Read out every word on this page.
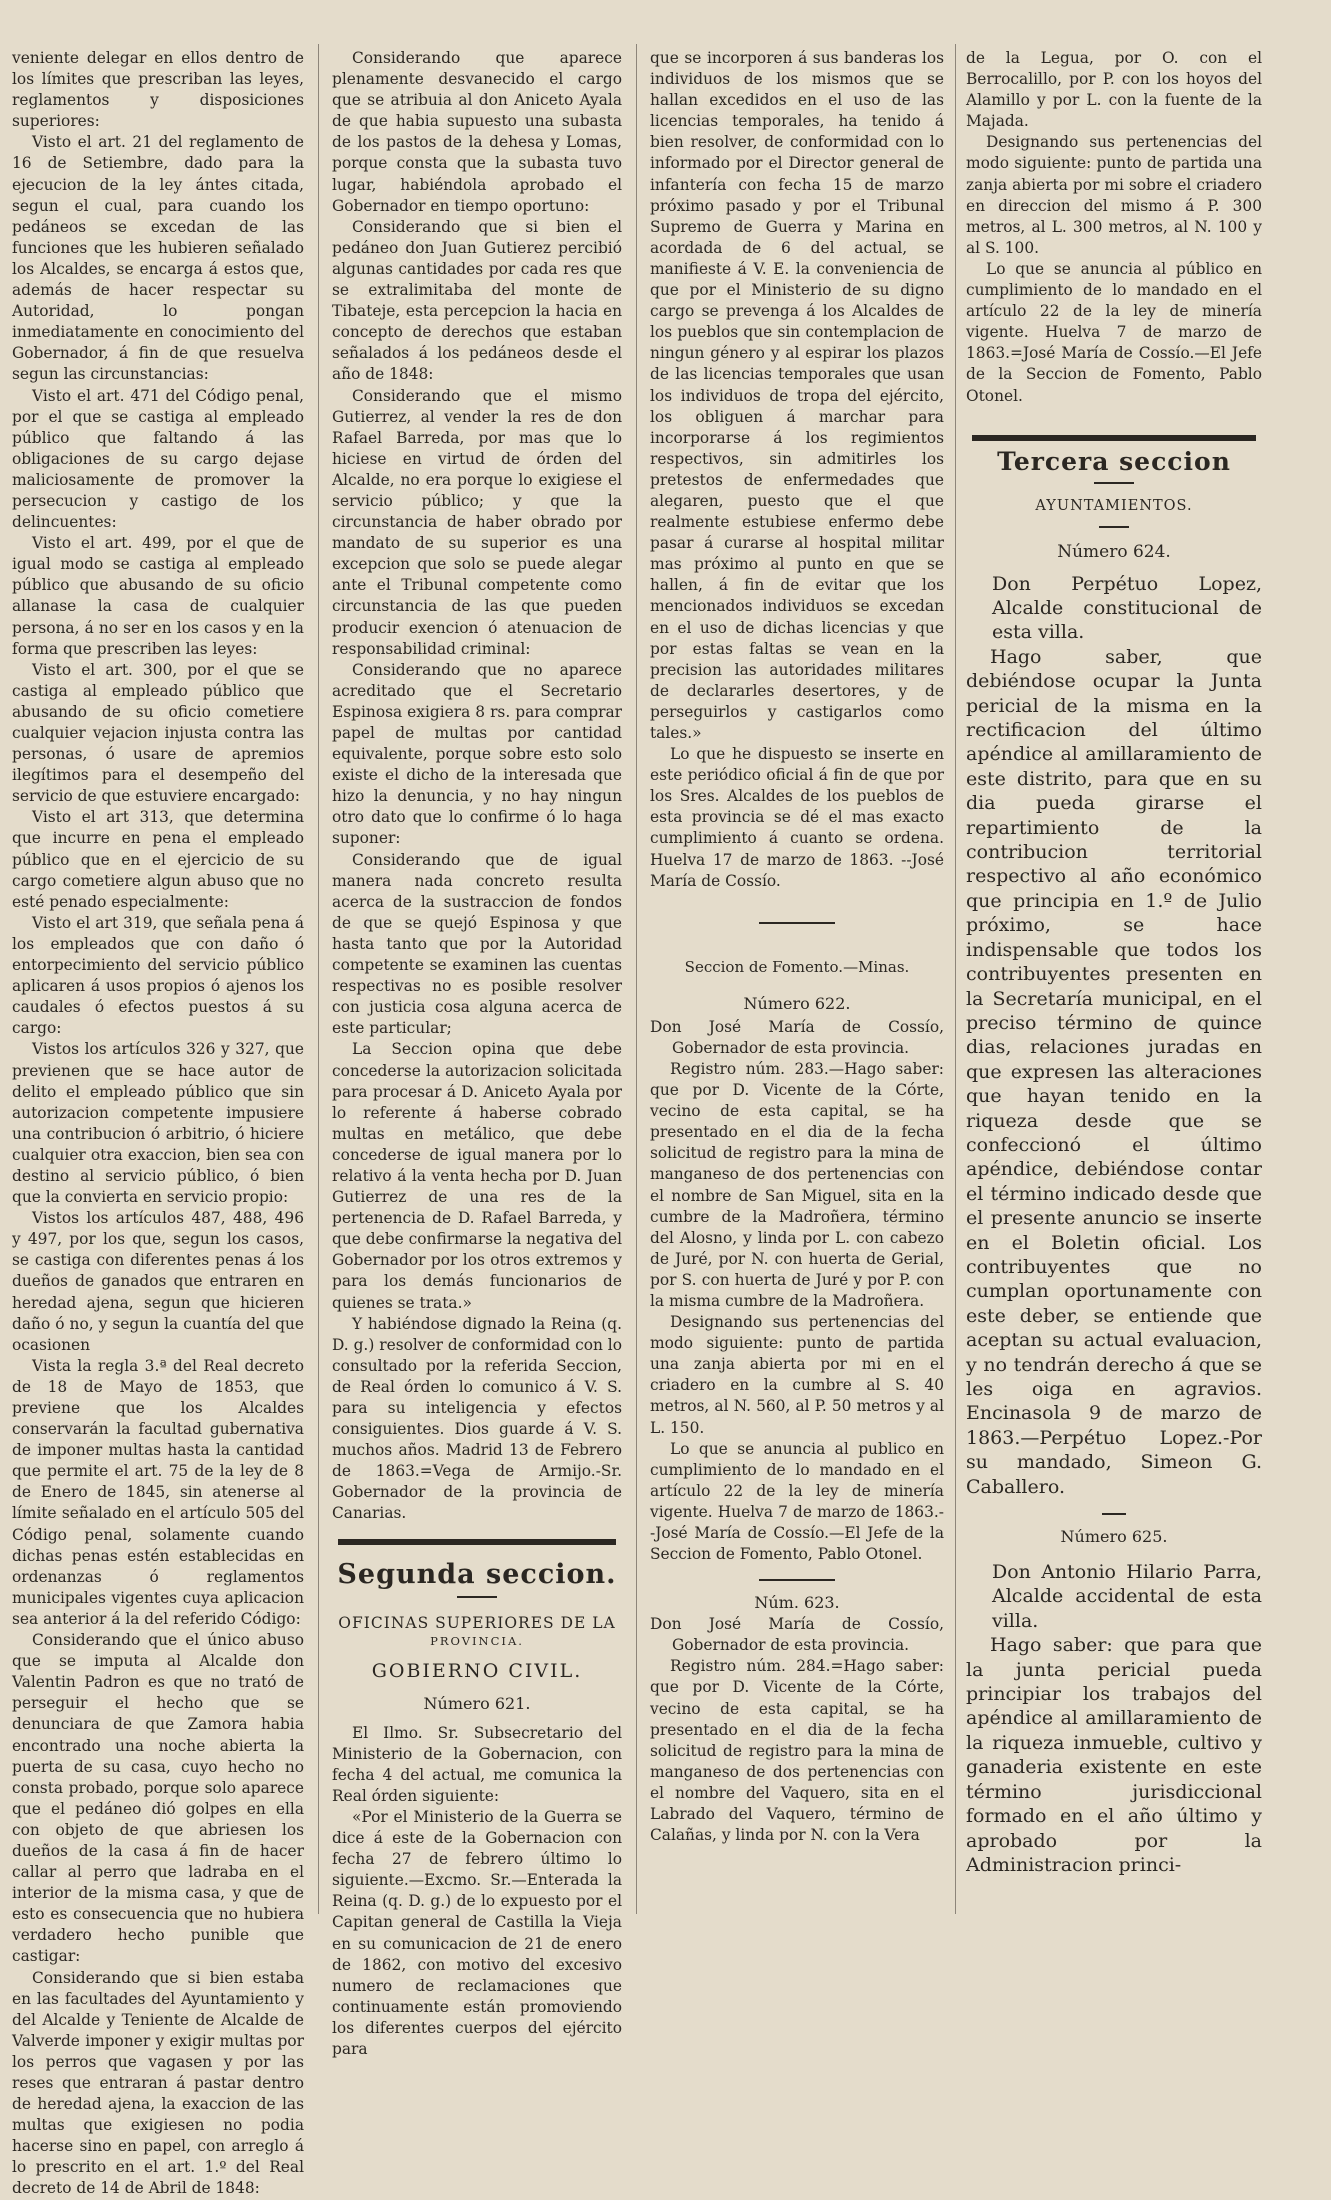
veniente delegar en ellos dentro de los límites que prescriban las leyes, reglamentos y disposiciones superiores:

Visto el art. 21 del reglamento de 16 de Setiembre, dado para la ejecucion de la ley ántes citada, segun el cual, para cuando los pedáneos se excedan de las funciones que les hubieren señalado los Alcaldes, se encarga á estos que, además de hacer respectar su Autoridad, lo pongan inmediatamente en conocimiento del Gobernador, á fin de que resuelva segun las circunstancias:

Visto el art. 471 del Código penal, por el que se castiga al empleado público que faltando á las obligaciones de su cargo dejase maliciosamente de promover la persecucion y castigo de los delincuentes:

Visto el art. 499, por el que de igual modo se castiga al empleado público que abusando de su oficio allanase la casa de cualquier persona, á no ser en los casos y en la forma que prescriben las leyes:

Visto el art. 300, por el que se castiga al empleado público que abusando de su oficio cometiere cualquier vejacion injusta contra las personas, ó usare de apremios ilegítimos para el desempeño del servicio de que estuviere encargado:

Visto el art 313, que determina que incurre en pena el empleado público que en el ejercicio de su cargo cometiere algun abuso que no esté penado especialmente:

Visto el art 319, que señala pena á los empleados que con daño ó entorpecimiento del servicio público aplicaren á usos propios ó ajenos los caudales ó efectos puestos á su cargo:

Vistos los artículos 326 y 327, que previenen que se hace autor de delito el empleado público que sin autorizacion competente impusiere una contribucion ó arbitrio, ó hiciere cualquier otra exaccion, bien sea con destino al servicio público, ó bien que la convierta en servicio propio:

Vistos los artículos 487, 488, 496 y 497, por los que, segun los casos, se castiga con diferentes penas á los dueños de ganados que entraren en heredad ajena, segun que hicieren daño ó no, y segun la cuantía del que ocasionen

Vista la regla 3.ª del Real decreto de 18 de Mayo de 1853, que previene que los Alcaldes conservarán la facultad gubernativa de imponer multas hasta la cantidad que permite el art. 75 de la ley de 8 de Enero de 1845, sin atenerse al límite señalado en el artículo 505 del Código penal, solamente cuando dichas penas estén establecidas en ordenanzas ó reglamentos municipales vigentes cuya aplicacion sea anterior á la del referido Código:

Considerando que el único abuso que se imputa al Alcalde don Valentin Padron es que no trató de perseguir el hecho que se denunciara de que Zamora habia encontrado una noche abierta la puerta de su casa, cuyo hecho no consta probado, porque solo aparece que el pedáneo dió golpes en ella con objeto de que abriesen los dueños de la casa á fin de hacer callar al perro que ladraba en el interior de la misma casa, y que de esto es consecuencia que no hubiera verdadero hecho punible que castigar:

Considerando que si bien estaba en las facultades del Ayuntamiento y del Alcalde y Teniente de Alcalde de Valverde imponer y exigir multas por los perros que vagasen y por las reses que entraran á pastar dentro de heredad ajena, la exaccion de las multas que exigiesen no podia hacerse sino en papel, con arreglo á lo prescrito en el art. 1.º del Real decreto de 14 de Abril de 1848:

Considerando que aparece plenamente desvanecido el cargo que se atribuia al don Aniceto Ayala de que habia supuesto una subasta de los pastos de la dehesa y Lomas, porque consta que la subasta tuvo lugar, habiéndola aprobado el Gobernador en tiempo oportuno:

Considerando que si bien el pedáneo don Juan Gutierez percibió algunas cantidades por cada res que se extralimitaba del monte de Tibateje, esta percepcion la hacia en concepto de derechos que estaban señalados á los pedáneos desde el año de 1848:

Considerando que el mismo Gutierrez, al vender la res de don Rafael Barreda, por mas que lo hiciese en virtud de órden del Alcalde, no era porque lo exigiese el servicio público; y que la circunstancia de haber obrado por mandato de su superior es una excepcion que solo se puede alegar ante el Tribunal competente como circunstancia de las que pueden producir exencion ó atenuacion de responsabilidad criminal:

Considerando que no aparece acreditado que el Secretario Espinosa exigiera 8 rs. para comprar papel de multas por cantidad equivalente, porque sobre esto solo existe el dicho de la interesada que hizo la denuncia, y no hay ningun otro dato que lo confirme ó lo haga suponer:

Considerando que de igual manera nada concreto resulta acerca de la sustraccion de fondos de que se quejó Espinosa y que hasta tanto que por la Autoridad competente se examinen las cuentas respectivas no es posible resolver con justicia cosa alguna acerca de este particular;

La Seccion opina que debe concederse la autorizacion solicitada para procesar á D. Aniceto Ayala por lo referente á haberse cobrado multas en metálico, que debe concederse de igual manera por lo relativo á la venta hecha por D. Juan Gutierrez de una res de la pertenencia de D. Rafael Barreda, y que debe confirmarse la negativa del Gobernador por los otros extremos y para los demás funcionarios de quienes se trata.»

Y habiéndose dignado la Reina (q. D. g.) resolver de conformidad con lo consultado por la referida Seccion, de Real órden lo comunico á V. S. para su inteligencia y efectos consiguientes. Dios guarde á V. S. muchos años. Madrid 13 de Febrero de 1863.=Vega de Armijo.-Sr. Gobernador de la provincia de Canarias.

Segunda seccion.
OFICINAS SUPERIORES DE LA
PROVINCIA.
GOBIERNO CIVIL.
Número 621.

El Ilmo. Sr. Subsecretario del Ministerio de la Gobernacion, con fecha 4 del actual, me comunica la Real órden siguiente:

«Por el Ministerio de la Guerra se dice á este de la Gobernacion con fecha 27 de febrero último lo siguiente.—Excmo. Sr.—Enterada la Reina (q. D. g.) de lo expuesto por el Capitan general de Castilla la Vieja en su comunicacion de 21 de enero de 1862, con motivo del excesivo numero de reclamaciones que continuamente están promoviendo los diferentes cuerpos del ejército para

que se incorporen á sus banderas los individuos de los mismos que se hallan excedidos en el uso de las licencias temporales, ha tenido á bien resolver, de conformidad con lo informado por el Director general de infantería con fecha 15 de marzo próximo pasado y por el Tribunal Supremo de Guerra y Marina en acordada de 6 del actual, se manifieste á V. E. la conveniencia de que por el Ministerio de su digno cargo se prevenga á los Alcaldes de los pueblos que sin contemplacion de ningun género y al espirar los plazos de las licencias temporales que usan los individuos de tropa del ejército, los obliguen á marchar para incorporarse á los regimientos respectivos, sin admitirles los pretestos de enfermedades que alegaren, puesto que el que realmente estubiese enfermo debe pasar á curarse al hospital militar mas próximo al punto en que se hallen, á fin de evitar que los mencionados individuos se excedan en el uso de dichas licencias y que por estas faltas se vean en la precision las autoridades militares de declararles desertores, y de perseguirlos y castigarlos como tales.»

Lo que he dispuesto se inserte en este periódico oficial á fin de que por los Sres. Alcaldes de los pueblos de esta provincia se dé el mas exacto cumplimiento á cuanto se ordena. Huelva 17 de marzo de 1863. --José María de Cossío.

Seccion de Fomento.—Minas.
Número 622.

Don José María de Cossío, Gobernador de esta provincia.

Registro núm. 283.—Hago saber: que por D. Vicente de la Córte, vecino de esta capital, se ha presentado en el dia de la fecha solicitud de registro para la mina de manganeso de dos pertenencias con el nombre de San Miguel, sita en la cumbre de la Madroñera, término del Alosno, y linda por L. con cabezo de Juré, por N. con huerta de Gerial, por S. con huerta de Juré y por P. con la misma cumbre de la Madroñera.

Designando sus pertenencias del modo siguiente: punto de partida una zanja abierta por mi en el criadero en la cumbre al S. 40 metros, al N. 560, al P. 50 metros y al L. 150.

Lo que se anuncia al publico en cumplimiento de lo mandado en el artículo 22 de la ley de minería vigente. Huelva 7 de marzo de 1863.--José María de Cossío.—El Jefe de la Seccion de Fomento, Pablo Otonel.

Núm. 623.

Don José María de Cossío, Gobernador de esta provincia.

Registro núm. 284.=Hago saber: que por D. Vicente de la Córte, vecino de esta capital, se ha presentado en el dia de la fecha solicitud de registro para la mina de manganeso de dos pertenencias con el nombre del Vaquero, sita en el Labrado del Vaquero, término de Calañas, y linda por N. con la Vera

de la Legua, por O. con el Berrocalillo, por P. con los hoyos del Alamillo y por L. con la fuente de la Majada.

Designando sus pertenencias del modo siguiente: punto de partida una zanja abierta por mi sobre el criadero en direccion del mismo á P. 300 metros, al L. 300 metros, al N. 100 y al S. 100.

Lo que se anuncia al público en cumplimiento de lo mandado en el artículo 22 de la ley de minería vigente. Huelva 7 de marzo de 1863.=José María de Cossío.—El Jefe de la Seccion de Fomento, Pablo Otonel.

Tercera seccion
AYUNTAMIENTOS.
Número 624.

Don Perpétuo Lopez, Alcalde constitucional de esta villa.

Hago saber, que debiéndose ocupar la Junta pericial de la misma en la rectificacion del último apéndice al amillaramiento de este distrito, para que en su dia pueda girarse el repartimiento de la contribucion territorial respectivo al año económico que principia en 1.º de Julio próximo, se hace indispensable que todos los contribuyentes presenten en la Secretaría municipal, en el preciso término de quince dias, relaciones juradas en que expresen las alteraciones que hayan tenido en la riqueza desde que se confeccionó el último apéndice, debiéndose contar el término indicado desde que el presente anuncio se inserte en el Boletin oficial. Los contribuyentes que no cumplan oportunamente con este deber, se entiende que aceptan su actual evaluacion, y no tendrán derecho á que se les oiga en agravios. Encinasola 9 de marzo de 1863.—Perpétuo Lopez.-Por su mandado, Simeon G. Caballero.

Número 625.

Don Antonio Hilario Parra, Alcalde accidental de esta villa.

Hago saber: que para que la junta pericial pueda principiar los trabajos del apéndice al amillaramiento de la riqueza inmueble, cultivo y ganaderia existente en este término jurisdiccional formado en el año último y aprobado por la Administracion princi-
